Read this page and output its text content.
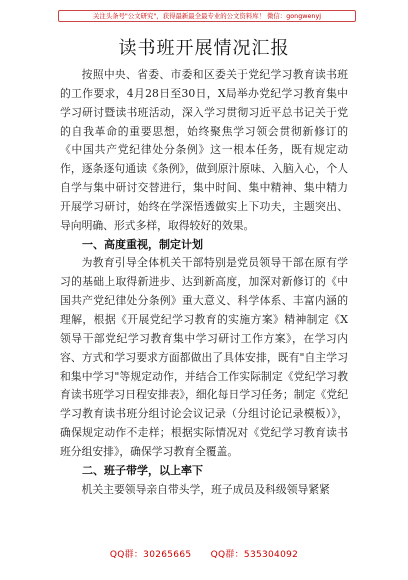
关注头条号"公文研究"，获得最新最全最专业的公文资料库！ 微信：gongwenyj
读书班开展情况汇报

按照中央、省委、市委和区委关于党纪学习教育读书班的工作要求，4月28日至30日，X局举办党纪学习教育集中学习研讨暨读书班活动，深入学习贯彻习近平总书记关于党的自我革命的重要思想，始终聚焦学习领会贯彻新修订的《中国共产党纪律处分条例》这一根本任务，既有规定动作，逐条逐句通读《条例》，做到原汁原味、入脑入心，个人自学与集中研讨交替进行，集中时间、集中精神、集中精力开展学习研讨，始终在学深悟透做实上下功夫，主题突出、导向明确、形式多样，取得较好的效果。

一、高度重视，制定计划

为教育引导全体机关干部特别是党员领导干部在原有学习的基础上取得新进步、达到新高度，加深对新修订的《中国共产党纪律处分条例》重大意义、科学体系、丰富内涵的理解，根据《开展党纪学习教育的实施方案》精神制定《X领导干部党纪学习教育集中学习研讨工作方案》，在学习内容、方式和学习要求方面都做出了具体安排，既有"自主学习和集中学习"等规定动作，并结合工作实际制定《党纪学习教育读书班学习日程安排表》，细化每日学习任务；制定《党纪学习教育读书班分组讨论会议记录（分组讨论记录模板）》，确保规定动作不走样；根据实际情况对《党纪学习教育读书班分组安排》，确保学习教育全覆盖。

二、班子带学，以上率下

机关主要领导亲自带头学，班子成员及科级领导紧紧

QQ群：30265665 QQ群：535304092
